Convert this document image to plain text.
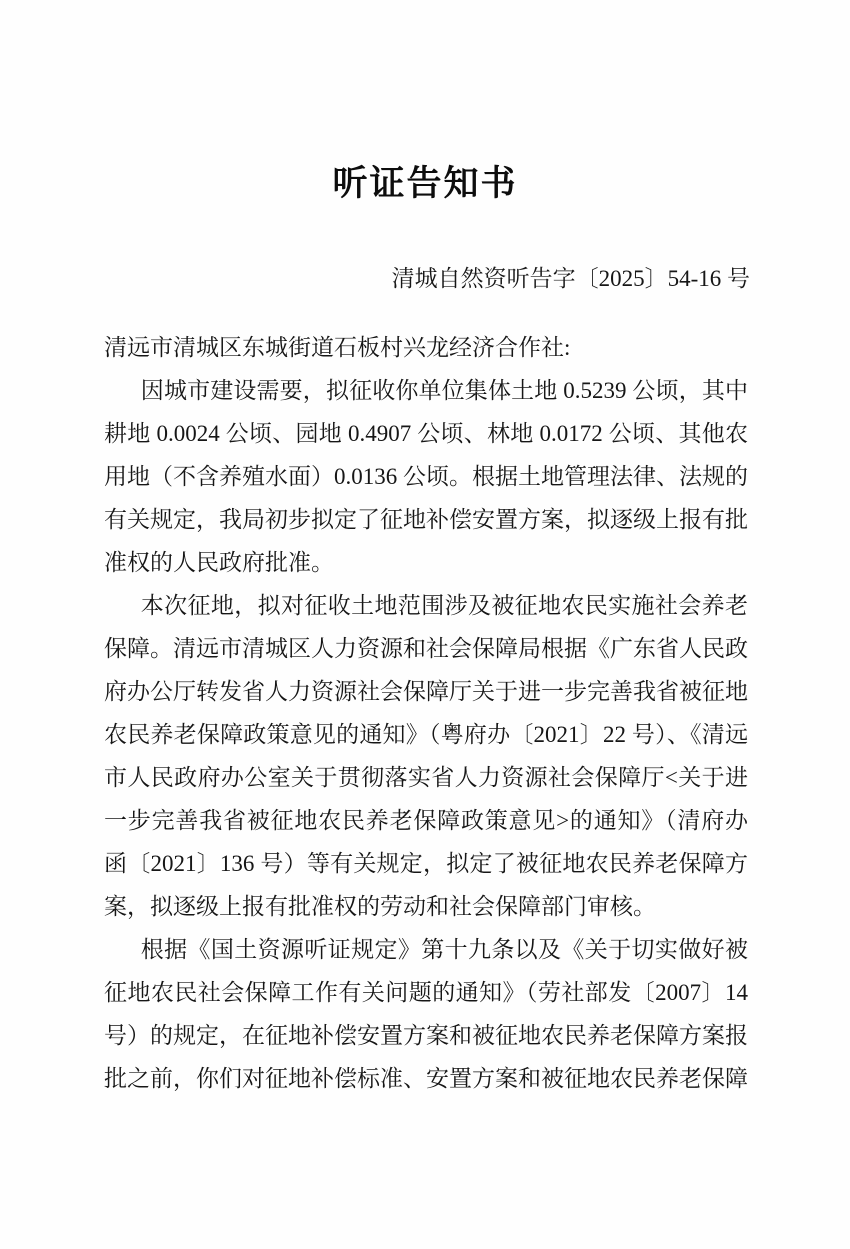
听证告知书
清城自然资听告字〔2025〕54-16 号

清远市清城区东城街道石板村兴龙经济合作社:

因城市建设需要，拟征收你单位集体土地 0.5239 公顷，其中耕地 0.0024 公顷、园地 0.4907 公顷、林地 0.0172 公顷、其他农用地（不含养殖水面）0.0136 公顷。根据土地管理法律、法规的有关规定，我局初步拟定了征地补偿安置方案，拟逐级上报有批准权的人民政府批准。

本次征地，拟对征收土地范围涉及被征地农民实施社会养老保障。清远市清城区人力资源和社会保障局根据《广东省人民政府办公厅转发省人力资源社会保障厅关于进一步完善我省被征地农民养老保障政策意见的通知》（粤府办〔2021〕22 号）、《清远市人民政府办公室关于贯彻落实省人力资源社会保障厅<关于进一步完善我省被征地农民养老保障政策意见>的通知》（清府办函〔2021〕136 号）等有关规定，拟定了被征地农民养老保障方案，拟逐级上报有批准权的劳动和社会保障部门审核。

根据《国土资源听证规定》第十九条以及《关于切实做好被征地农民社会保障工作有关问题的通知》（劳社部发〔2007〕14 号）的规定，在征地补偿安置方案和被征地农民养老保障方案报批之前，你们对征地补偿标准、安置方案和被征地农民养老保障
